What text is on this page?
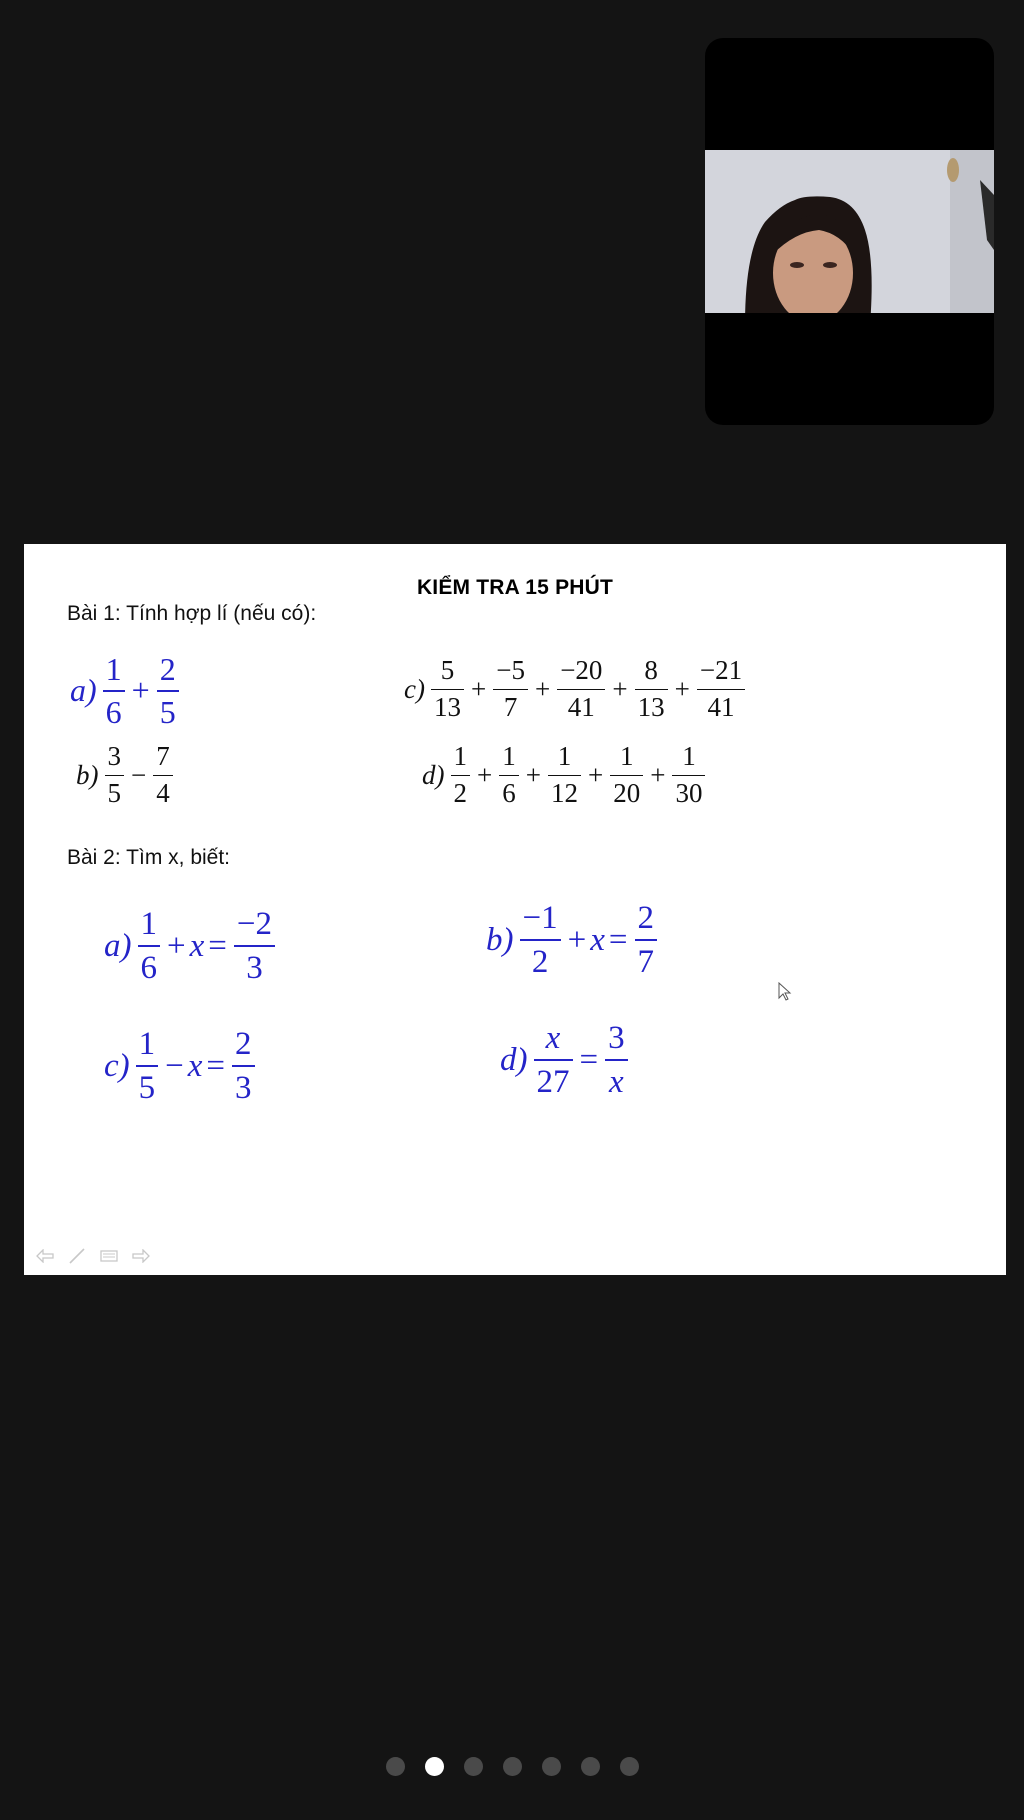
KIỂM TRA 15 PHÚT
Bài 1: Tính hợp lí (nếu có):
$a) \frac{1}{6} + \frac{2}{5}$
$b) \frac{3}{5} - \frac{7}{4}$
$c) \frac{5}{13} + \frac{-5}{7} + \frac{-20}{41} + \frac{8}{13} + \frac{-21}{41}$
$d) \frac{1}{2} + \frac{1}{6} + \frac{1}{12} + \frac{1}{20} + \frac{1}{30}$
Bài 2: Tìm x, biết:
$a) \frac{1}{6} + x = \frac{-2}{3}$	$b) \frac{-1}{2} + x = \frac{2}{7}$
$c) \frac{1}{5} - x = \frac{2}{3}$	$d) \frac{x}{27} = \frac{3}{x}$
